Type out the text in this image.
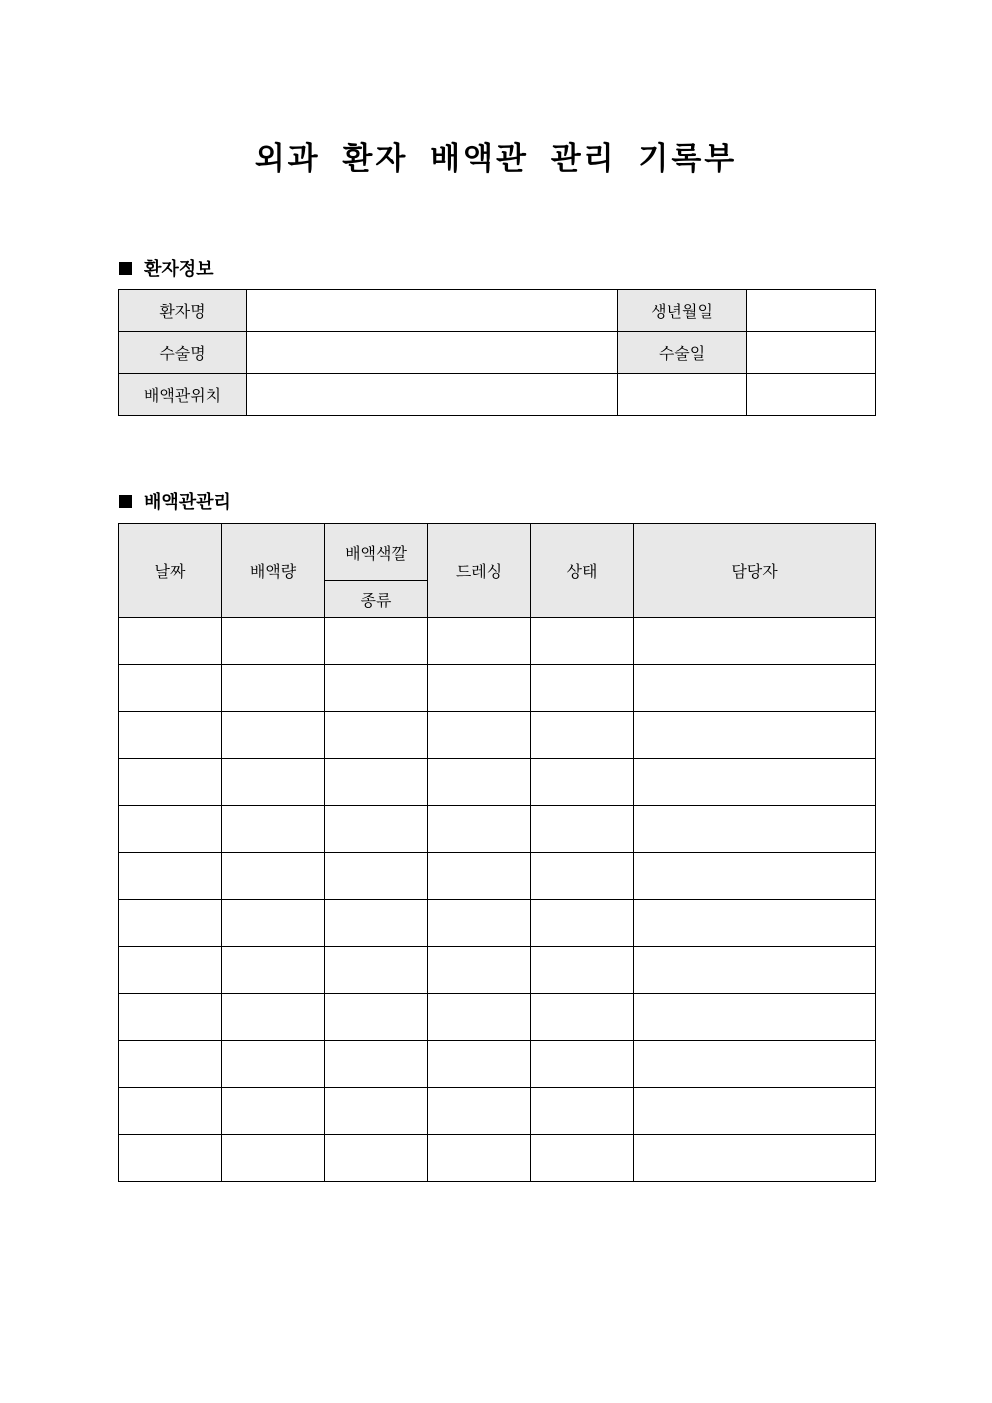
외과 환자 배액관 관리 기록부
환자정보
환자명		생년월일	
수술명		수술일	
배액관위치			
배액관관리
날짜	배액량	배액색깔	드레싱	상태	담당자
		종류			
